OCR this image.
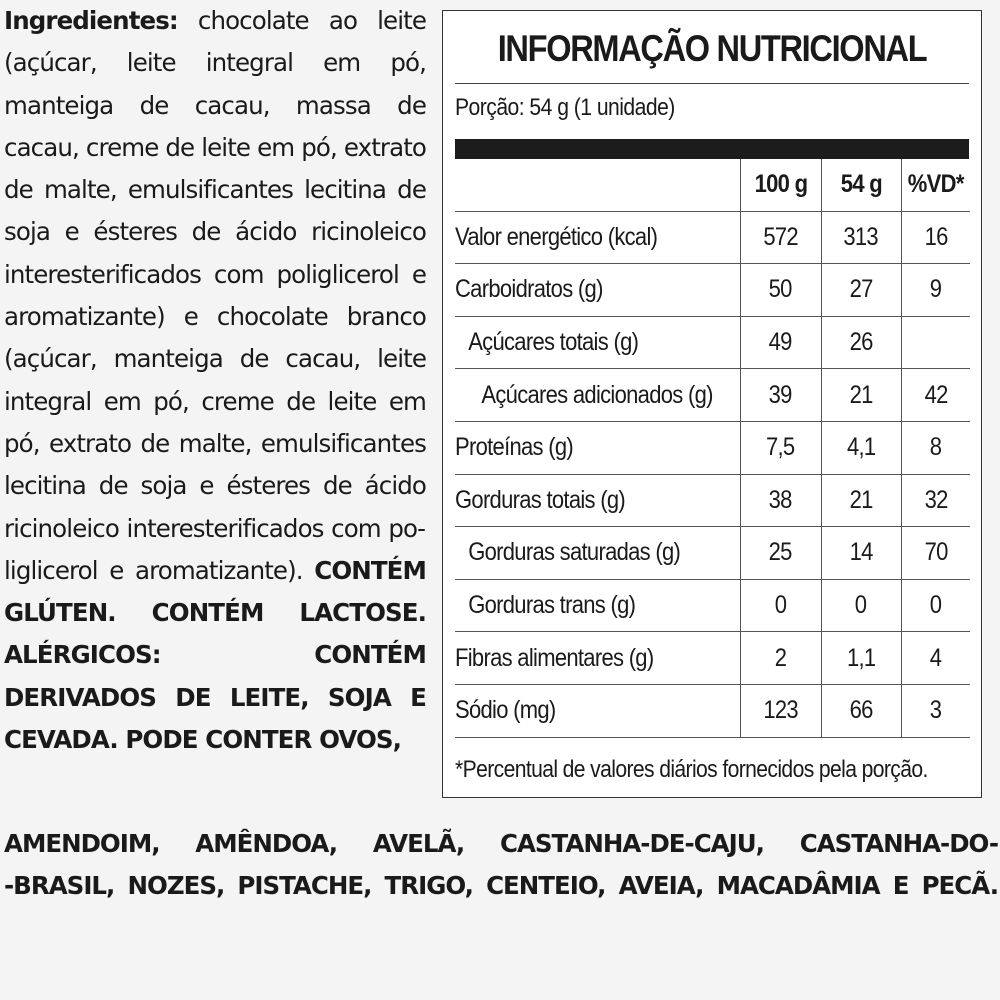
Ingredientes: chocolate ao leite (açúcar, leite integral em pó, manteiga de cacau, massa de cacau, creme de leite em pó, extrato de malte, emulsificantes lecitina de soja e ésteres de ácido ricinoleico interesterificados com poliglicerol e aromatizante) e chocolate branco (açúcar, manteiga de cacau, leite integral em pó, creme de leite em pó, extrato de malte, emulsificantes lecitina de soja e ésteres de ácido ricinoleico interesterificados com poliglicerol e aromatizante). CONTÉM GLÚTEN. CONTÉM LACTOSE. ALÉRGICOS: CONTÉM DERIVADOS DE LEITE, SOJA E CEVADA. PODE CONTER OVOS,
AMENDOIM, AMÊNDOA, AVELÃ, CASTANHA-DE-CAJU, CASTANHA-DO-
-BRASIL, NOZES, PISTACHE, TRIGO, CENTEIO, AVEIA, MACADÂMIA E PECÃ.
INFORMAÇÃO NUTRICIONAL
Porção: 54 g (1 unidade)
	100 g	54 g	%VD*
Valor energético (kcal)	572	313	16
Carboidratos (g)	50	27	9
Açúcares totais (g)	49	26	
Açúcares adicionados (g)	39	21	42
Proteínas (g)	7,5	4,1	8
Gorduras totais (g)	38	21	32
Gorduras saturadas (g)	25	14	70
Gorduras trans (g)	0	0	0
Fibras alimentares (g)	2	1,1	4
Sódio (mg)	123	66	3
*Percentual de valores diários fornecidos pela porção.
